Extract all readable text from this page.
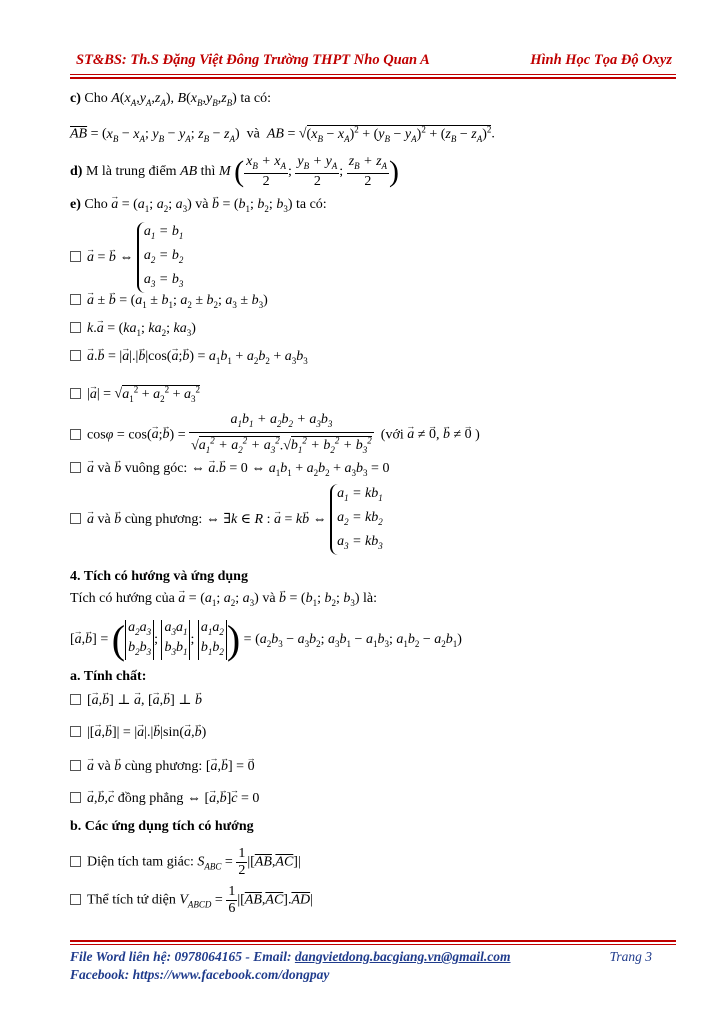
ST&BS: Th.S Đặng Việt Đông Trường THPT Nho Quan A	Hình Học Tọa Độ Oxyz
c) Cho $A(x_A,y_A,z_A)$, $B(x_B,y_B,z_B)$ ta có:
$\overline{AB} = (x_B - x_A$; $y_B - y_A$; $z_B - z_A$)  và AB = $√(x_B - x_A)^2 + (y_B - y_A)^2 + (z_B - z_A)^2$.
d) M là trung điểm AB thì M ( $\frac{x_B + x_A}{2}$ ; $\frac{y_B + y_A}{2}$ ; $\frac{z_B + z_A}{2}$ )
e) Cho → $a = (a_1$; $a_2$; $a_3$) và → $b = (b_1$; $b_2$; $b_3$) ta có:
→ a = → b ⇔
$a_1 = b_1$
$a_2 = b_2$
$a_3 = b_3$
→ a ± → $b = (a_1 \pm b_1$; $a_2 \pm b_2$; $a_3 \pm b_3$)
$k.\to a = (ka_1$; $ka_2$; $ka_3$)
→ a.→ b = |→ a|.|→ b|cos(→ a;→ $b) = a_1b_1 + a_2b_2 + a_3b_3$
|→ $a| = √a_1^2 + a_2^2 + a_3^2$
cosφ = cos(→ a;→ $b) = \frac{a_1b_1 + a_2b_2 + a_3b_3}{√a_1^2 + a_2^2 + a_3^2.√b_1^2 + b_2^2 + b_3^2}$ (với → a ≠ → 0, → b ≠ → 0 )
→ a và → b vuông góc: ⇔ → a.→ b = 0 ⇔ $a_1b_1 + a_2b_2 + a_3b_3 = 0$
→ a và → b cùng phương: ⇔ ∃k ∈ R : → a = k→ b ⇔
$a_1 = kb_1$
$a_2 = kb_2$
$a_3 = kb_3$
4. Tích có hướng và ứng dụng
Tích có hướng của → $a = (a_1$; $a_2$; $a_3$) và → $b = (b_1$; $b_2$; $b_3$) là:
[→ a,→ b] = ( $a_2a_3$
$b_2b_3$
;
$a_3a_1$
$b_3b_1$
;
$a_1a_2$
$b_1b_2$ ) = ($a_2b_3 - a_3b_2$; $a_3b_1 - a_1b_3$; $a_1b_2 - a_2b_1$)
a. Tính chất:
[→ a,→ b] ⊥ → a, [→ a,→ b] ⊥ → b
|[→ a,→ b]| = |→ a|.|→ b|sin(→ a,→ b)
→ a và → b cùng phương: [→ a,→ b] = → 0
→ a,→ b,→ c đồng phẳng ⇔ [→ a,→ b]→ c = 0
b. Các ứng dụng tích có hướng
Diện tích tam giác: $S_{ABC} = \frac{1}{2} |[\overline{AB},\overline{AC}]|$
Thể tích tứ diện $V_{ABCD} = \frac{1}{6} |[\overline{AB},\overline{AC}].\overline{AD}|$
File Word liên hệ: 0978064165 - Email: dangvietdong.bacgiang.vn@gmail.com
Facebook: https://www.facebook.com/dongpay
Trang 3
